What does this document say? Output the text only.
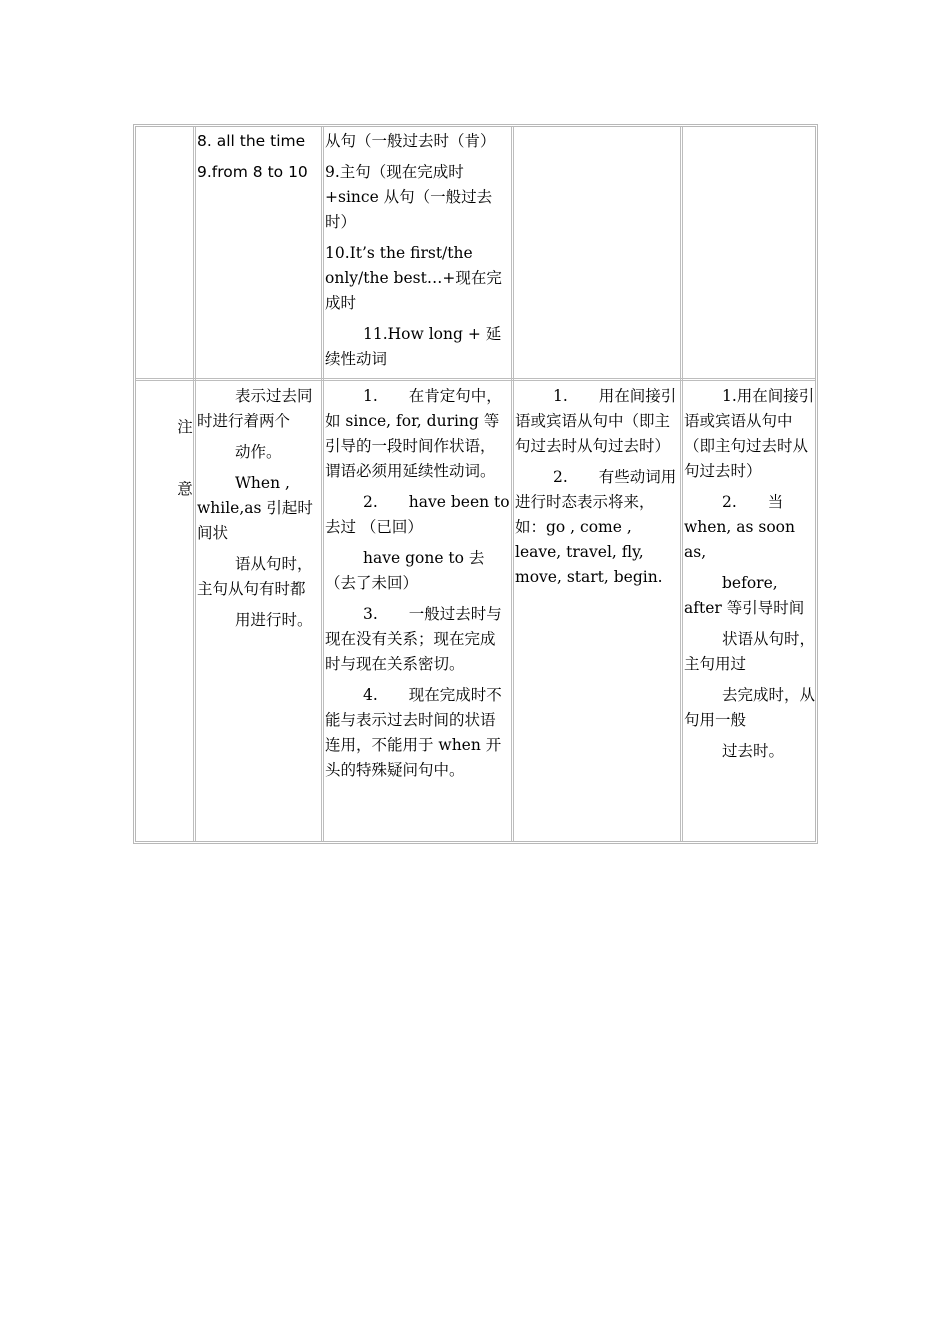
8. all the time

9.from 8 to 10

从句（一般过去时（肯）

9.主句（现在完成时+since 从句（一般过去时）

10.It’s the first/the only/the best…+现在完成时

11.How long + 延续性动词

注
意

表示过去同时进行着两个

动作。

When , while,as 引起时间状

语从句时，主句从句有时都

用进行时。

1.　　在肯定句中，如 since, for, during 等引导的一段时间作状语，谓语必须用延续性动词。

2.　　have been to 去过 （已回）

have gone to 去（去了未回）

3.　　一般过去时与现在没有关系；现在完成时与现在关系密切。

4.　　现在完成时不能与表示过去时间的状语连用，不能用于 when 开头的特殊疑问句中。

1.　　用在间接引语或宾语从句中（即主句过去时从句过去时）

2.　　有些动词用进行时态表示将来，如：go , come , leave, travel, fly, move, start, begin.

1.用在间接引语或宾语从句中（即主句过去时从句过去时）

2.　　当 when, as soon as,

before, after 等引导时间

状语从句时，主句用过

去完成时，从句用一般

过去时。
